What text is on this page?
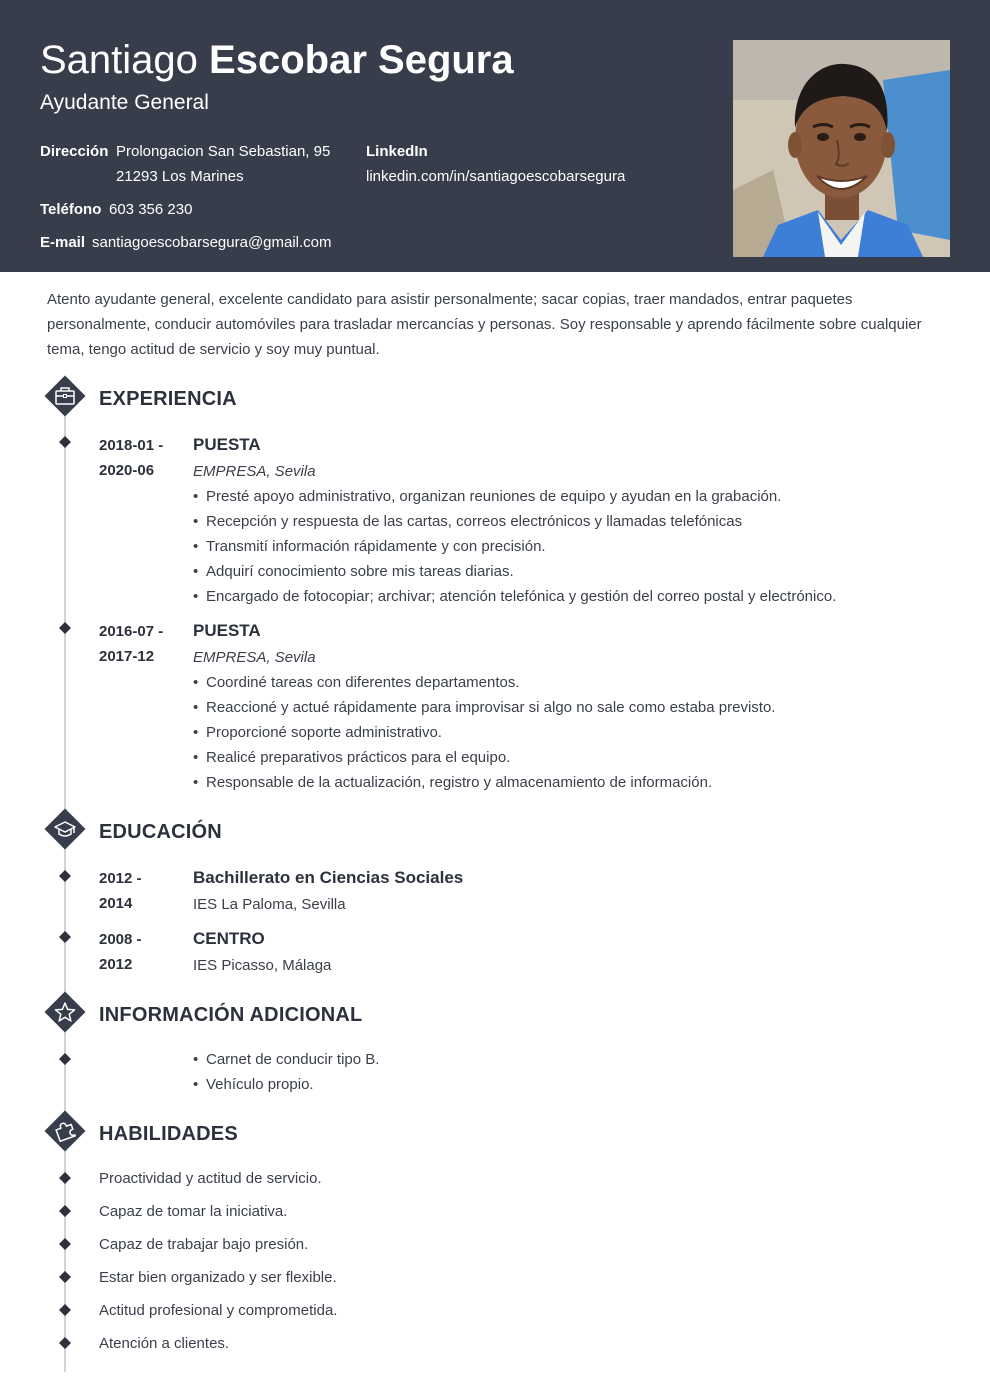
Santiago Escobar Segura
Ayudante General
Dirección Prolongacion San Sebastian, 95
21293 Los Marines
Teléfono 603 356 230
E-mail santiagoescobarsegura@gmail.com
LinkedIn
linkedin.com/in/santiagoescobarsegura
Atento ayudante general, excelente candidato para asistir personalmente; sacar copias, traer mandados, entrar paquetes personalmente, conducir automóviles para trasladar mercancías y personas. Soy responsable y aprendo fácilmente sobre cualquier tema, tengo actitud de servicio y soy muy puntual.
EXPERIENCIA
2018-01 -
2020-06
PUESTA
EMPRESA, Sevila
• Presté apoyo administrativo, organizan reuniones de equipo y ayudan en la grabación.
• Recepción y respuesta de las cartas, correos electrónicos y llamadas telefónicas
• Transmití información rápidamente y con precisión.
• Adquirí conocimiento sobre mis tareas diarias.
• Encargado de fotocopiar; archivar; atención telefónica y gestión del correo postal y electrónico.
2016-07 -
2017-12
PUESTA
EMPRESA, Sevila
• Coordiné tareas con diferentes departamentos.
• Reaccioné y actué rápidamente para improvisar si algo no sale como estaba previsto.
• Proporcioné soporte administrativo.
• Realicé preparativos prácticos para el equipo.
• Responsable de la actualización, registro y almacenamiento de información.
EDUCACIÓN
2012 -
2014
Bachillerato en Ciencias Sociales
IES La Paloma, Sevilla
2008 -
2012
CENTRO
IES Picasso, Málaga
INFORMACIÓN ADICIONAL
• Carnet de conducir tipo B.
• Vehículo propio.
HABILIDADES
Proactividad y actitud de servicio.
Capaz de tomar la iniciativa.
Capaz de trabajar bajo presión.
Estar bien organizado y ser flexible.
Actitud profesional y comprometida.
Atención a clientes.
